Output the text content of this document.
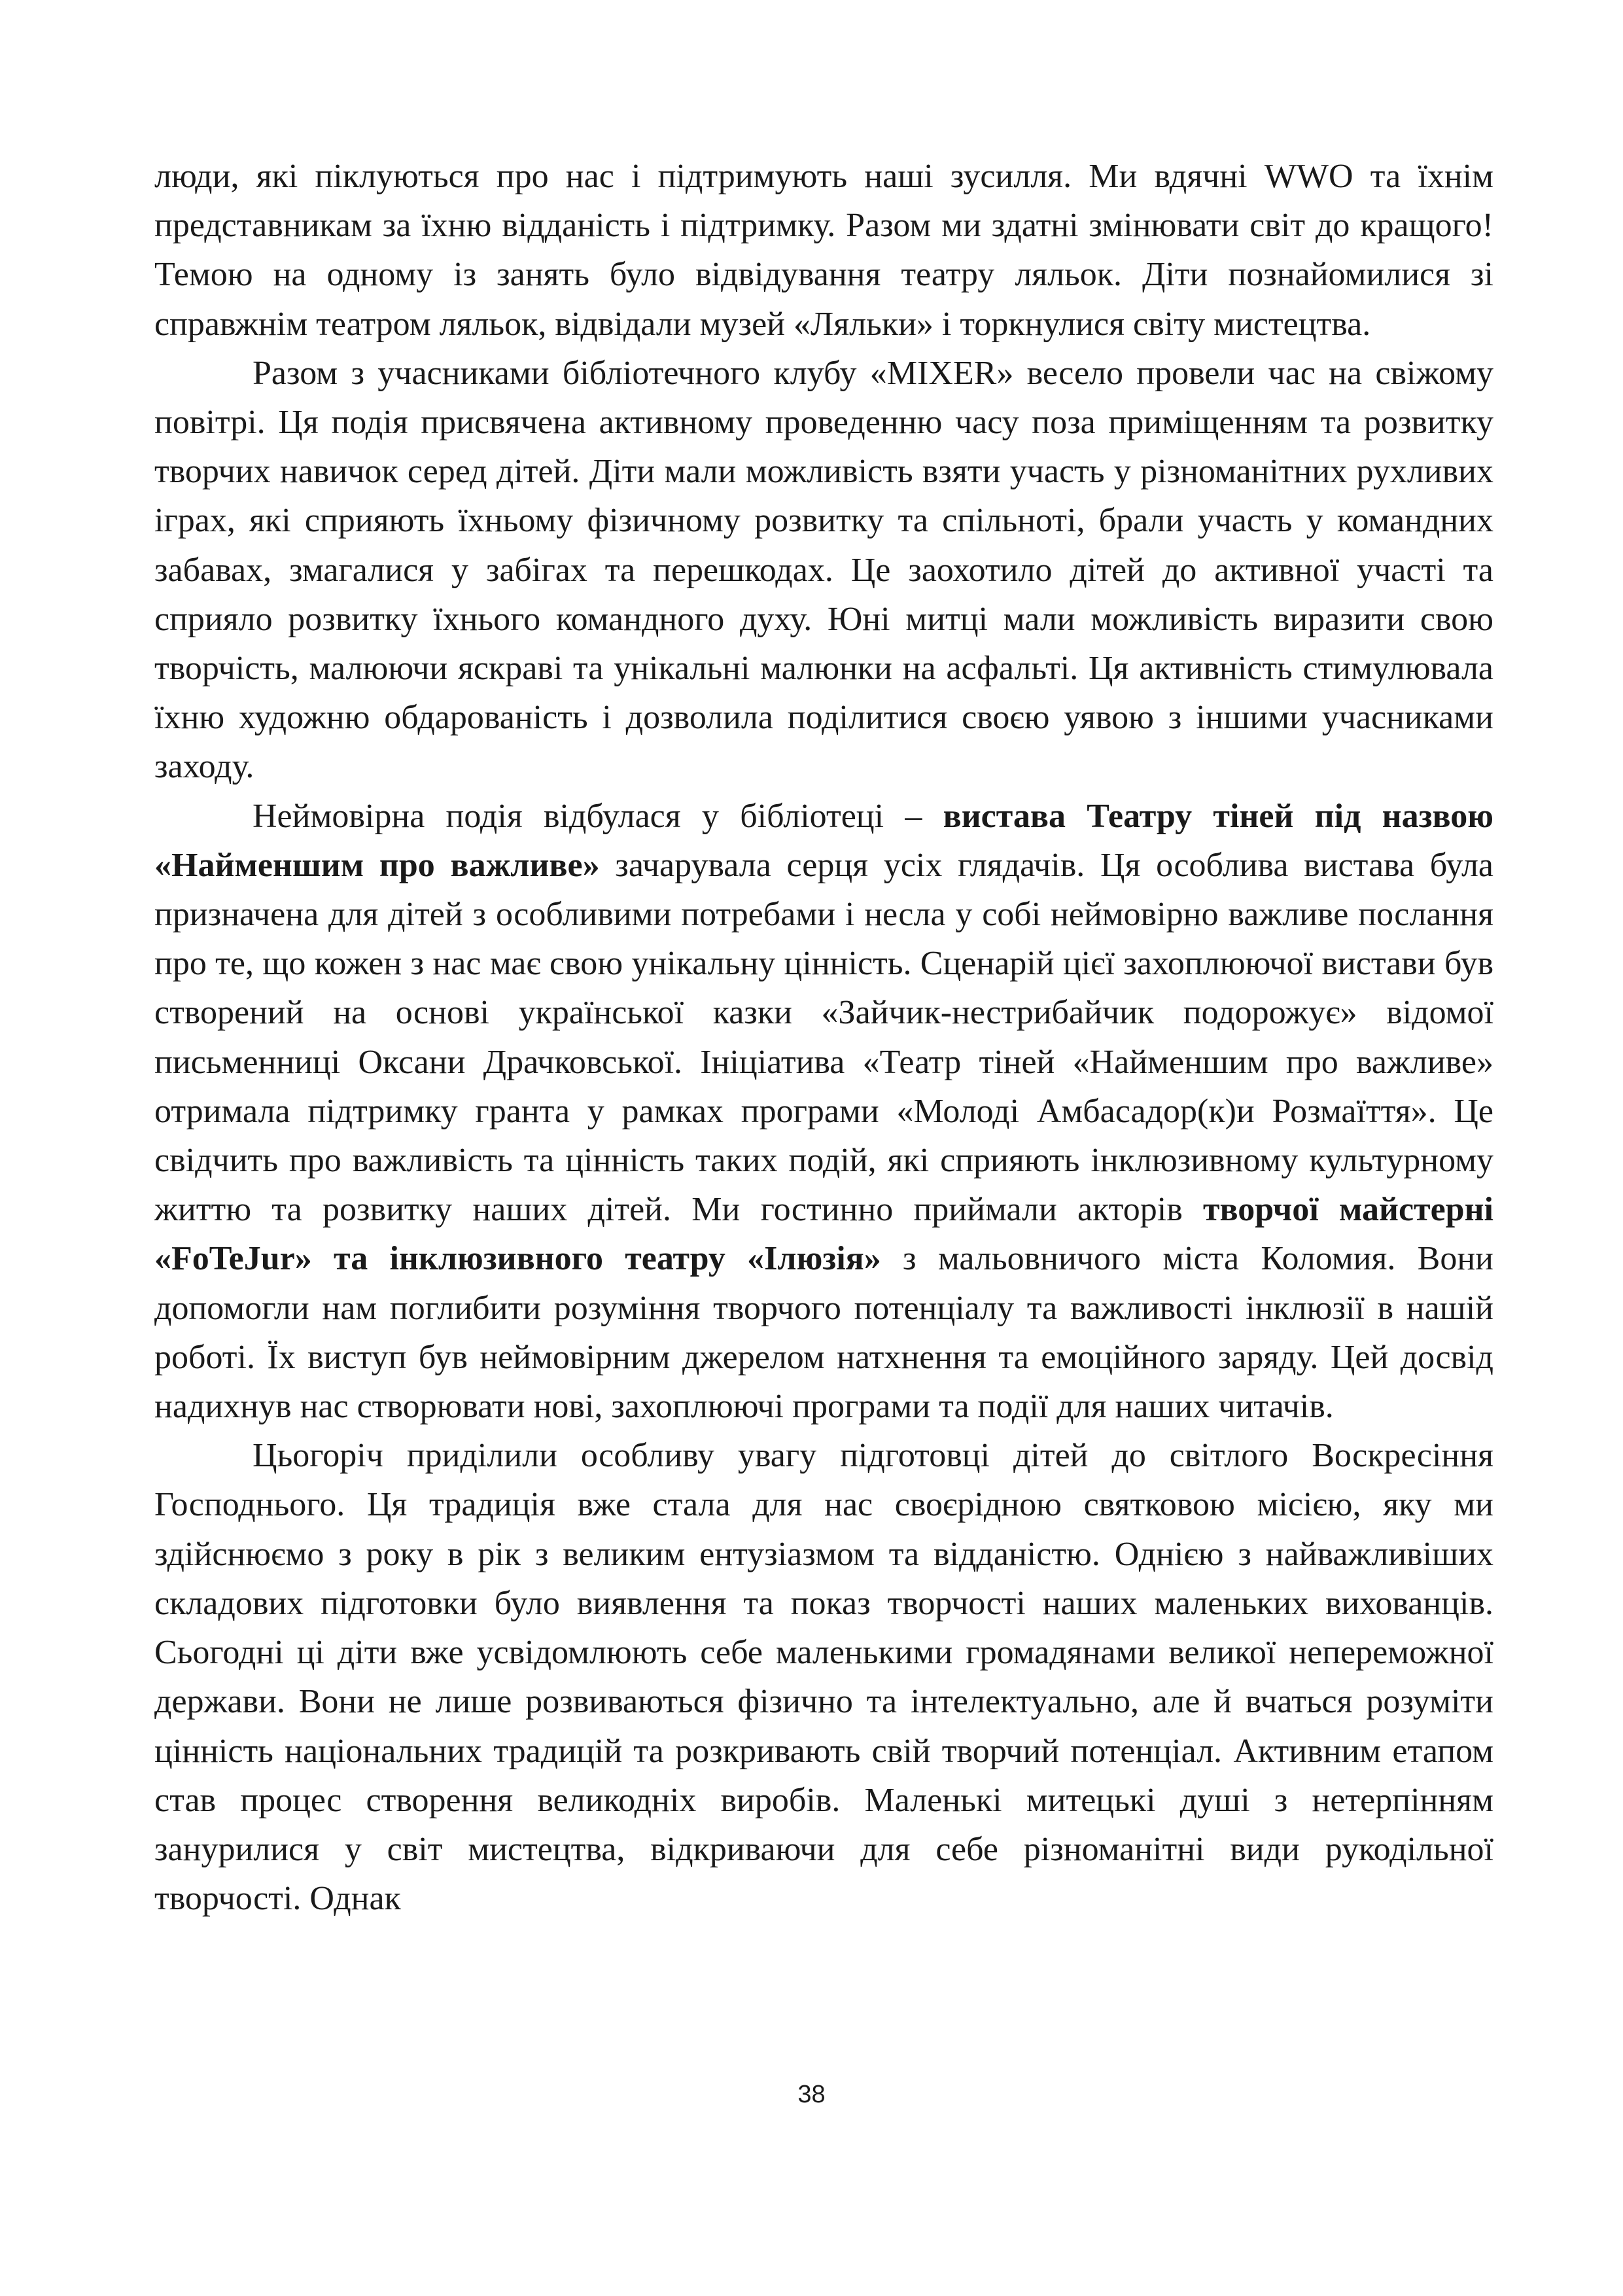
люди, які піклуються про нас і підтримують наші зусилля. Ми вдячні WWO та їхнім представникам за їхню відданість і підтримку. Разом ми здатні змінювати світ до кращого! Темою на одному із занять було відвідування театру ляльок. Діти познайомилися зі справжнім театром ляльок, відвідали музей «Ляльки» і торкнулися світу мистецтва.

Разом з учасниками бібліотечного клубу «MIXER» весело провели час на свіжому повітрі. Ця подія присвячена активному проведенню часу поза приміщенням та розвитку творчих навичок серед дітей. Діти мали можливість взяти участь у різноманітних рухливих іграх, які сприяють їхньому фізичному розвитку та спільноті, брали участь у командних забавах, змагалися у забігах та перешкодах. Це заохотило дітей до активної участі та сприяло розвитку їхнього командного духу. Юні митці мали можливість виразити свою творчість, малюючи яскраві та унікальні малюнки на асфальті. Ця активність стимулювала їхню художню обдарованість і дозволила поділитися своєю уявою з іншими учасниками заходу.

Неймовірна подія відбулася у бібліотеці – вистава Театру тіней під назвою «Найменшим про важливе» зачарувала серця усіх глядачів. Ця особлива вистава була призначена для дітей з особливими потребами і несла у собі неймовірно важливе послання про те, що кожен з нас має свою унікальну цінність. Сценарій цієї захоплюючої вистави був створений на основі української казки «Зайчик-нестрибайчик подорожує» відомої письменниці Оксани Драчковської. Ініціатива «Театр тіней «Найменшим про важливе» отримала підтримку гранта у рамках програми «Молоді Амбасадор(к)и Розмаїття». Це свідчить про важливість та цінність таких подій, які сприяють інклюзивному культурному життю та розвитку наших дітей. Ми гостинно приймали акторів творчої майстерні «FoTeJur» та інклюзивного театру «Ілюзія» з мальовничого міста Коломия. Вони допомогли нам поглибити розуміння творчого потенціалу та важливості інклюзії в нашій роботі. Їх виступ був неймовірним джерелом натхнення та емоційного заряду. Цей досвід надихнув нас створювати нові, захоплюючі програми та події для наших читачів.

Цьогоріч приділили особливу увагу підготовці дітей до світлого Воскресіння Господнього. Ця традиція вже стала для нас своєрідною святковою місією, яку ми здійснюємо з року в рік з великим ентузіазмом та відданістю. Однією з найважливіших складових підготовки було виявлення та показ творчості наших маленьких вихованців. Сьогодні ці діти вже усвідомлюють себе маленькими громадянами великої непереможної держави. Вони не лише розвиваються фізично та інтелектуально, але й вчаться розуміти цінність національних традицій та розкривають свій творчий потенціал. Активним етапом став процес створення великодніх виробів. Маленькі митецькі душі з нетерпінням занурилися у світ мистецтва, відкриваючи для себе різноманітні види рукодільної творчості. Однак

38
